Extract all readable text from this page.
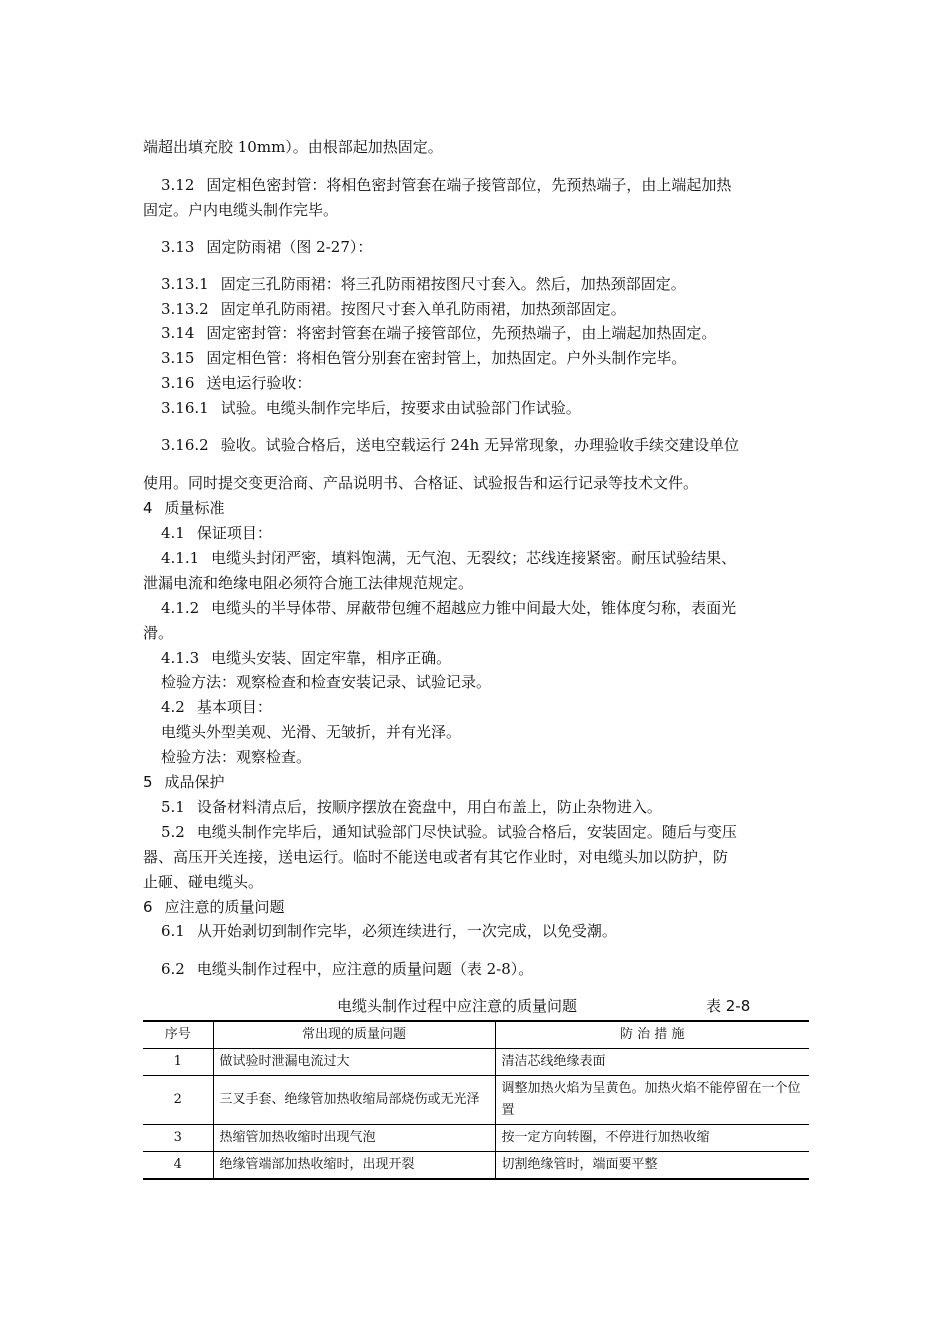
端超出填充胶 10mm）。由根部起加热固定。
3.12 固定相色密封管：将相色密封管套在端子接管部位，先预热端子，由上端起加热
固定。户内电缆头制作完毕。
3.13 固定防雨裙（图 2-27）：
3.13.1 固定三孔防雨裙：将三孔防雨裙按图尺寸套入。然后，加热颈部固定。
3.13.2 固定单孔防雨裙。按图尺寸套入单孔防雨裙，加热颈部固定。
3.14 固定密封管：将密封管套在端子接管部位，先预热端子，由上端起加热固定。
3.15 固定相色管：将相色管分别套在密封管上，加热固定。户外头制作完毕。
3.16 送电运行验收：
3.16.1 试验。电缆头制作完毕后，按要求由试验部门作试验。
3.16.2 验收。试验合格后，送电空载运行 24h 无异常现象，办理验收手续交建设单位
使用。同时提交变更洽商、产品说明书、合格证、试验报告和运行记录等技术文件。
4 质量标准
4.1 保证项目：
4.1.1 电缆头封闭严密，填料饱满，无气泡、无裂纹；芯线连接紧密。耐压试验结果、
泄漏电流和绝缘电阻必须符合施工法律规范规定。
4.1.2 电缆头的半导体带、屏蔽带包缠不超越应力锥中间最大处，锥体度匀称，表面光
滑。
4.1.3 电缆头安装、固定牢靠，相序正确。
检验方法：观察检查和检查安装记录、试验记录。
4.2 基本项目：
电缆头外型美观、光滑、无皱折，并有光泽。
检验方法：观察检查。
5 成品保护
5.1 设备材料清点后，按顺序摆放在瓷盘中，用白布盖上，防止杂物进入。
5.2 电缆头制作完毕后，通知试验部门尽快试验。试验合格后，安装固定。随后与变压
器、高压开关连接，送电运行。临时不能送电或者有其它作业时，对电缆头加以防护，防
止砸、碰电缆头。
6 应注意的质量问题
6.1 从开始剥切到制作完毕，必须连续进行，一次完成，以免受潮。
6.2 电缆头制作过程中，应注意的质量问题（表 2-8）。
电缆头制作过程中应注意的质量问题	表 2-8
序号	常出现的质量问题	防 治 措 施
1	做试验时泄漏电流过大	清洁芯线绝缘表面
2	三叉手套、绝缘管加热收缩局部烧伤或无光泽	调整加热火焰为呈黄色。加热火焰不能停留在一个位置
3	热缩管加热收缩时出现气泡	按一定方向转圈，不停进行加热收缩
4	绝缘管端部加热收缩时，出现开裂	切割绝缘管时，端面要平整
